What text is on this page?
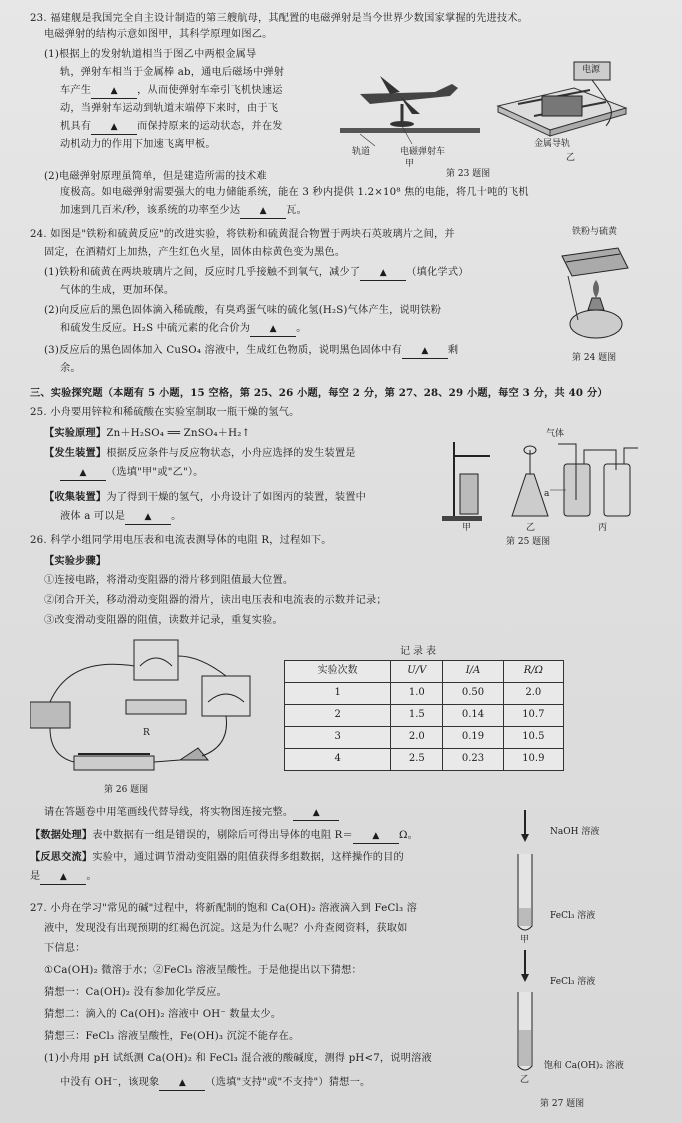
23. 福建舰是我国完全自主设计制造的第三艘航母，其配置的电磁弹射是当今世界少数国家掌握的先进技术。
电磁弹射的结构示意如图甲，其科学原理如图乙。
(1)根据上的发射轨道相当于图乙中两根金属导
轨，弹射车相当于金属棒 ab，通电后磁场中弹射
车产生 ▲ ，从而使弹射车牵引飞机快速运
动，当弹射车运动到轨道末端停下来时，由于飞
机具有 ▲ 而保持原来的运动状态，并在发
动机动力的作用下加速飞离甲板。
轨道	电磁弹射车
甲
电源
金属导轨
乙
第 23 题图
(2)电磁弹射原理虽简单，但是建造所需的技术难
度极高。如电磁弹射需要强大的电力储能系统，能在 3 秒内提供 1.2×10⁸ 焦的电能，将几十吨的飞机
加速到几百米/秒，该系统的功率至少达 ▲ 瓦。
24. 如图是"铁粉和硫黄反应"的改进实验，将铁粉和硫黄混合物置于两块石英玻璃片之间，并
固定，在酒精灯上加热，产生红色火星，固体由棕黄色变为黑色。
(1)铁粉和硫黄在两块玻璃片之间，反应时几乎接触不到氧气，减少了 ▲ （填化学式）
气体的生成，更加环保。
(2)向反应后的黑色固体滴入稀硫酸，有臭鸡蛋气味的硫化氢(H₂S)气体产生，说明铁粉
和硫发生反应。H₂S 中硫元素的化合价为 ▲ 。
(3)反应后的黑色固体加入 CuSO₄ 溶液中，生成红色物质，说明黑色固体中有 ▲ 剩
余。
铁粉与硫黄
第 24 题图
三、实验探究题（本题有 5 小题，15 空格，第 25、26 小题，每空 2 分，第 27、28、29 小题，每空 3 分，共 40 分）
25. 小舟要用锌粒和稀硫酸在实验室制取一瓶干燥的氢气。
【实验原理】Zn＋H₂SO₄ ══ ZnSO₄＋H₂↑
【发生装置】根据反应条件与反应物状态，小舟应选择的发生装置是
▲ （选填"甲"或"乙"）。
【收集装置】为了得到干燥的氢气，小舟设计了如图丙的装置，装置中
液体 a 可以是 ▲ 。
气体
a
甲	乙	丙
第 25 题图
26. 科学小组同学用电压表和电流表测导体的电阻 R，过程如下。
【实验步骤】
①连接电路，将滑动变阻器的滑片移到阻值最大位置。
②闭合开关，移动滑动变阻器的滑片，读出电压表和电流表的示数并记录；
③改变滑动变阻器的阻值，读数并记录，重复实验。
R
第 26 题图
记录表
实验次数	U/V	I/A	R/Ω
1	1.0	0.50	2.0
2	1.5	0.14	10.7
3	2.0	0.19	10.5
4	2.5	0.23	10.9
请在答题卷中用笔画线代替导线，将实物图连接完整。 ▲
【数据处理】表中数据有一组是错误的，剔除后可得出导体的电阻 R＝ ▲ Ω。
【反思交流】实验中，通过调节滑动变阻器的阻值获得多组数据，这样操作的目的
是 ▲ 。
27. 小舟在学习"常见的碱"过程中，将新配制的饱和 Ca(OH)₂ 溶液滴入到 FeCl₃ 溶
液中，发现没有出现预期的红褐色沉淀。这是为什么呢？小舟查阅资料，获取如
下信息：
①Ca(OH)₂ 微溶于水；②FeCl₃ 溶液呈酸性。于是他提出以下猜想：
猜想一：Ca(OH)₂ 没有参加化学反应。
猜想二：滴入的 Ca(OH)₂ 溶液中 OH⁻ 数量太少。
猜想三：FeCl₃ 溶液呈酸性，Fe(OH)₃ 沉淀不能存在。
(1)小舟用 pH 试纸测 Ca(OH)₂ 和 FeCl₃ 混合液的酸碱度，测得 pH<7，说明溶液
中没有 OH⁻，该现象 ▲ （选填"支持"或"不支持"）猜想一。
NaOH 溶液
FeCl₃ 溶液
甲
FeCl₃ 溶液
饱和 Ca(OH)₂ 溶液
乙
第 27 题图
